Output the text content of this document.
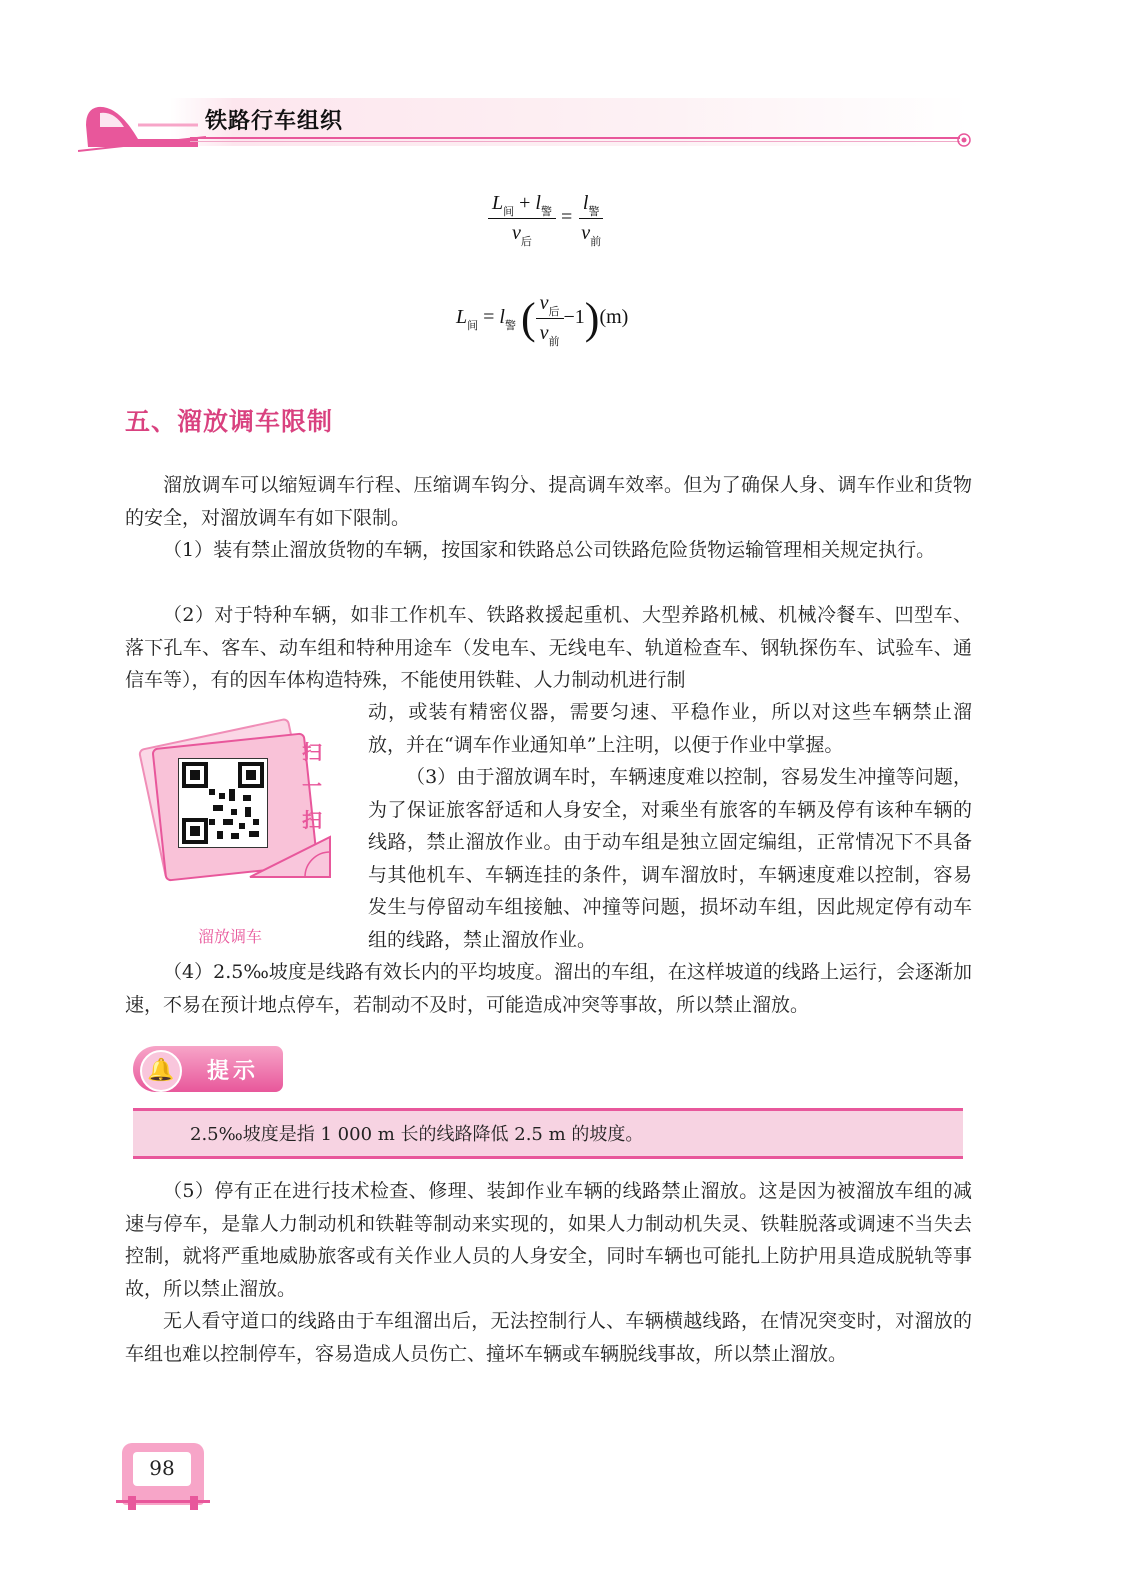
铁路行车组织
$\frac{L_间 + l_警}{v_后} = \frac{l_警}{v_前}$
$L_间 = l_警$ ( $\frac{v_后}{v_前} -1)(m)$
五、溜放调车限制
溜放调车可以缩短调车行程、压缩调车钩分、提高调车效率。但为了确保人身、调车作业和货物的安全，对溜放调车有如下限制。
（1）装有禁止溜放货物的车辆，按国家和铁路总公司铁路危险货物运输管理相关规定执行。
（2）对于特种车辆，如非工作机车、铁路救援起重机、大型养路机械、机械冷餐车、凹型车、落下孔车、客车、动车组和特种用途车（发电车、无线电车、轨道检查车、钢轨探伤车、试验车、通信车等），有的因车体构造特殊，不能使用铁鞋、人力制动机进行制
动，或装有精密仪器，需要匀速、平稳作业，所以对这些车辆禁止溜放，并在“调车作业通知单”上注明，以便于作业中掌握。
（3）由于溜放调车时，车辆速度难以控制，容易发生冲撞等问题，为了保证旅客舒适和人身安全，对乘坐有旅客的车辆及停有该种车辆的线路，禁止溜放作业。由于动车组是独立固定编组，正常情况下不具备与其他机车、车辆连挂的条件，调车溜放时，车辆速度难以控制，容易发生与停留动车组接触、冲撞等问题，损坏动车组，因此规定停有动车组的线路，禁止溜放作业。
（4）2.5‰坡度是线路有效长内的平均坡度。溜出的车组，在这样坡道的线路上运行，会逐渐加速，不易在预计地点停车，若制动不及时，可能造成冲突等事故，所以禁止溜放。
扫
一
扫
溜放调车
🔔	提示
2.5‰坡度是指 1 000 m 长的线路降低 2.5 m 的坡度。
（5）停有正在进行技术检查、修理、装卸作业车辆的线路禁止溜放。这是因为被溜放车组的减速与停车，是靠人力制动机和铁鞋等制动来实现的，如果人力制动机失灵、铁鞋脱落或调速不当失去控制，就将严重地威胁旅客或有关作业人员的人身安全，同时车辆也可能扎上防护用具造成脱轨等事故，所以禁止溜放。
无人看守道口的线路由于车组溜出后，无法控制行人、车辆横越线路，在情况突变时，对溜放的车组也难以控制停车，容易造成人员伤亡、撞坏车辆或车辆脱线事故，所以禁止溜放。
98
